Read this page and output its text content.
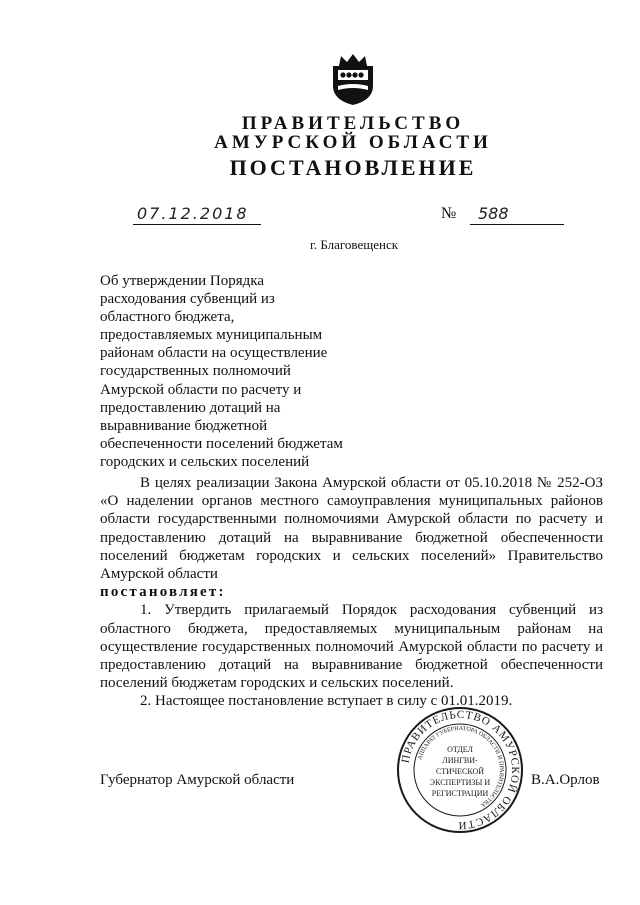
ПРАВИТЕЛЬСТВО
АМУРСКОЙ ОБЛАСТИ
ПОСТАНОВЛЕНИЕ
07.12.2018	№	588
г. Благовещенск
Об утверждении Порядка
расходования субвенций из
областного бюджета,
предоставляемых муниципальным
районам области на осуществление
государственных полномочий
Амурской области по расчету и
предоставлению дотаций на
выравнивание бюджетной
обеспеченности поселений бюджетам
городских и сельских поселений

В целях реализации Закона Амурской области от 05.10.2018 № 252-ОЗ «О наделении органов местного самоуправления муниципальных районов области государственными полномочиями Амурской области по расчету и предоставлению дотаций на выравнивание бюджетной обеспеченности поселений бюджетам городских и сельских поселений» Правительство Амурской области

постановляет:

1. Утвердить прилагаемый Порядок расходования субвенций из областного бюджета, предоставляемых муниципальным районам на осуществление государственных полномочий Амурской области по расчету и предоставлению дотаций на выравнивание бюджетной обеспеченности поселений бюджетам городских и сельских поселений.

2. Настоящее постановление вступает в силу с 01.01.2019.

Губернатор Амурской области	В.А.Орлов
ПРАВИТЕЛЬСТВО АМУРСКОЙ ОБЛАСТИ
АППАРАТ ГУБЕРНАТОРА ОБЛАСТИ И ПРАВИТЕЛЬСТВА
ОТДЕЛ
ЛИНГВИ-
СТИЧЕСКОЙ
ЭКСПЕРТИЗЫ И
РЕГИСТРАЦИИ
